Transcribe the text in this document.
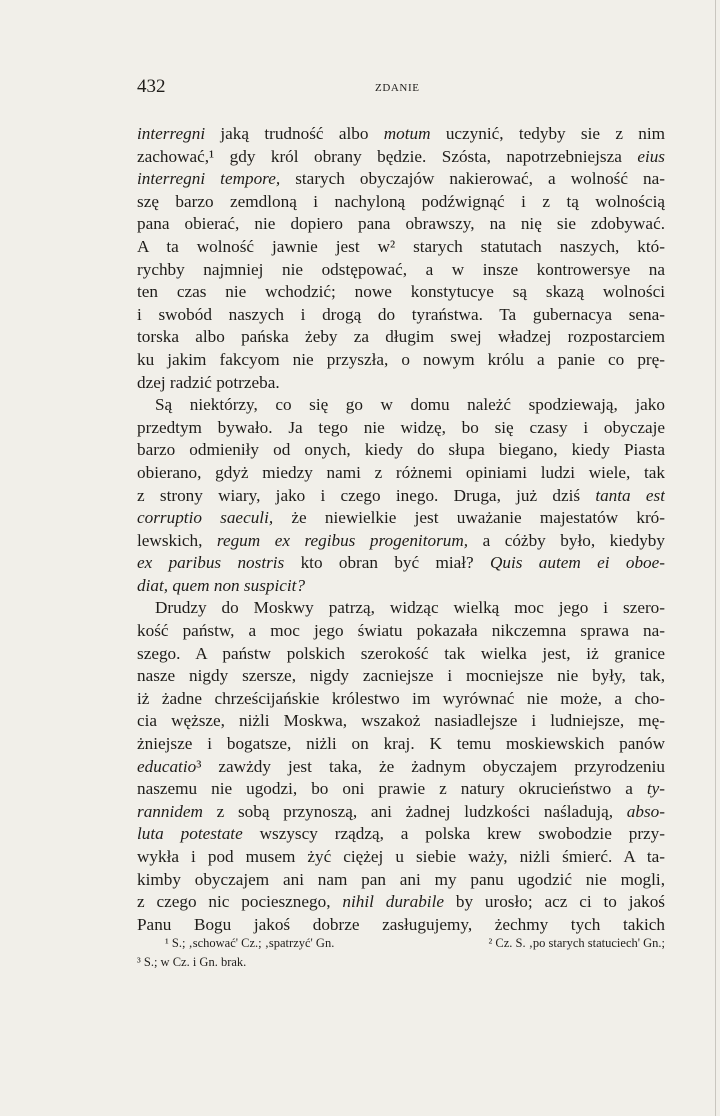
432	ZDANIE
interregni jaką trudność albo motum uczynić, tedyby sie z nim
zachować,¹ gdy król obrany będzie. Szósta, napotrzebniejsza eius
interregni tempore, starych obyczajów nakierować, a wolność na-
szę barzo zemdloną i nachyloną podźwignąć i z tą wolnością
pana obierać, nie dopiero pana obrawszy, na nię sie zdobywać.
A ta wolność jawnie jest w² starych statutach naszych, któ-
rychby najmniej nie odstępować, a w insze kontrowersye na
ten czas nie wchodzić; nowe konstytucye są skazą wolności
i swobód naszych i drogą do tyraństwa. Ta gubernacya sena-
torska albo pańska żeby za długim swej władzej rozpostarciem
ku jakim fakcyom nie przyszła, o nowym królu a panie co prę-
dzej radzić potrzeba.
Są niektórzy, co się go w domu należć spodziewają, jako
przedtym bywało. Ja tego nie widzę, bo się czasy i obyczaje
barzo odmieniły od onych, kiedy do słupa biegano, kiedy Piasta
obierano, gdyż miedzy nami z różnemi opiniami ludzi wiele, tak
z strony wiary, jako i czego inego. Druga, już dziś tanta est
corruptio saeculi, że niewielkie jest uważanie majestatów kró-
lewskich, regum ex regibus progenitorum, a cóżby było, kiedyby
ex paribus nostris kto obran być miał? Quis autem ei oboe-
diat, quem non suspicit?
Drudzy do Moskwy patrzą, widząc wielką moc jego i szero-
kość państw, a moc jego światu pokazała nikczemna sprawa na-
szego. A państw polskich szerokość tak wielka jest, iż granice
nasze nigdy szersze, nigdy zacniejsze i mocniejsze nie były, tak,
iż żadne chrześcijańskie królestwo im wyrównać nie może, a cho-
cia węższe, niżli Moskwa, wszakoż nasiadlejsze i ludniejsze, mę-
żniejsze i bogatsze, niżli on kraj. K temu moskiewskich panów
educatio³ zawżdy jest taka, że żadnym obyczajem przyrodzeniu
naszemu nie ugodzi, bo oni prawie z natury okrucieństwo a ty-
rannidem z sobą przynoszą, ani żadnej ludzkości naśladują, abso-
luta potestate wszyscy rządzą, a polska krew swobodzie przy-
wykła i pod musem żyć ciężej u siebie waży, niżli śmierć. A ta-
kimby obyczajem ani nam pan ani my panu ugodzić nie mogli,
z czego nic pociesznego, nihil durabile by urosło; acz ci to jakoś
Panu Bogu jakoś dobrze zasługujemy, żechmy tych takich
¹ S.; ‚schować' Cz.; ‚spatrzyć' Gn.	² Cz. S. ‚po starych statuciech' Gn.;
³ S.; w Cz. i Gn. brak.
